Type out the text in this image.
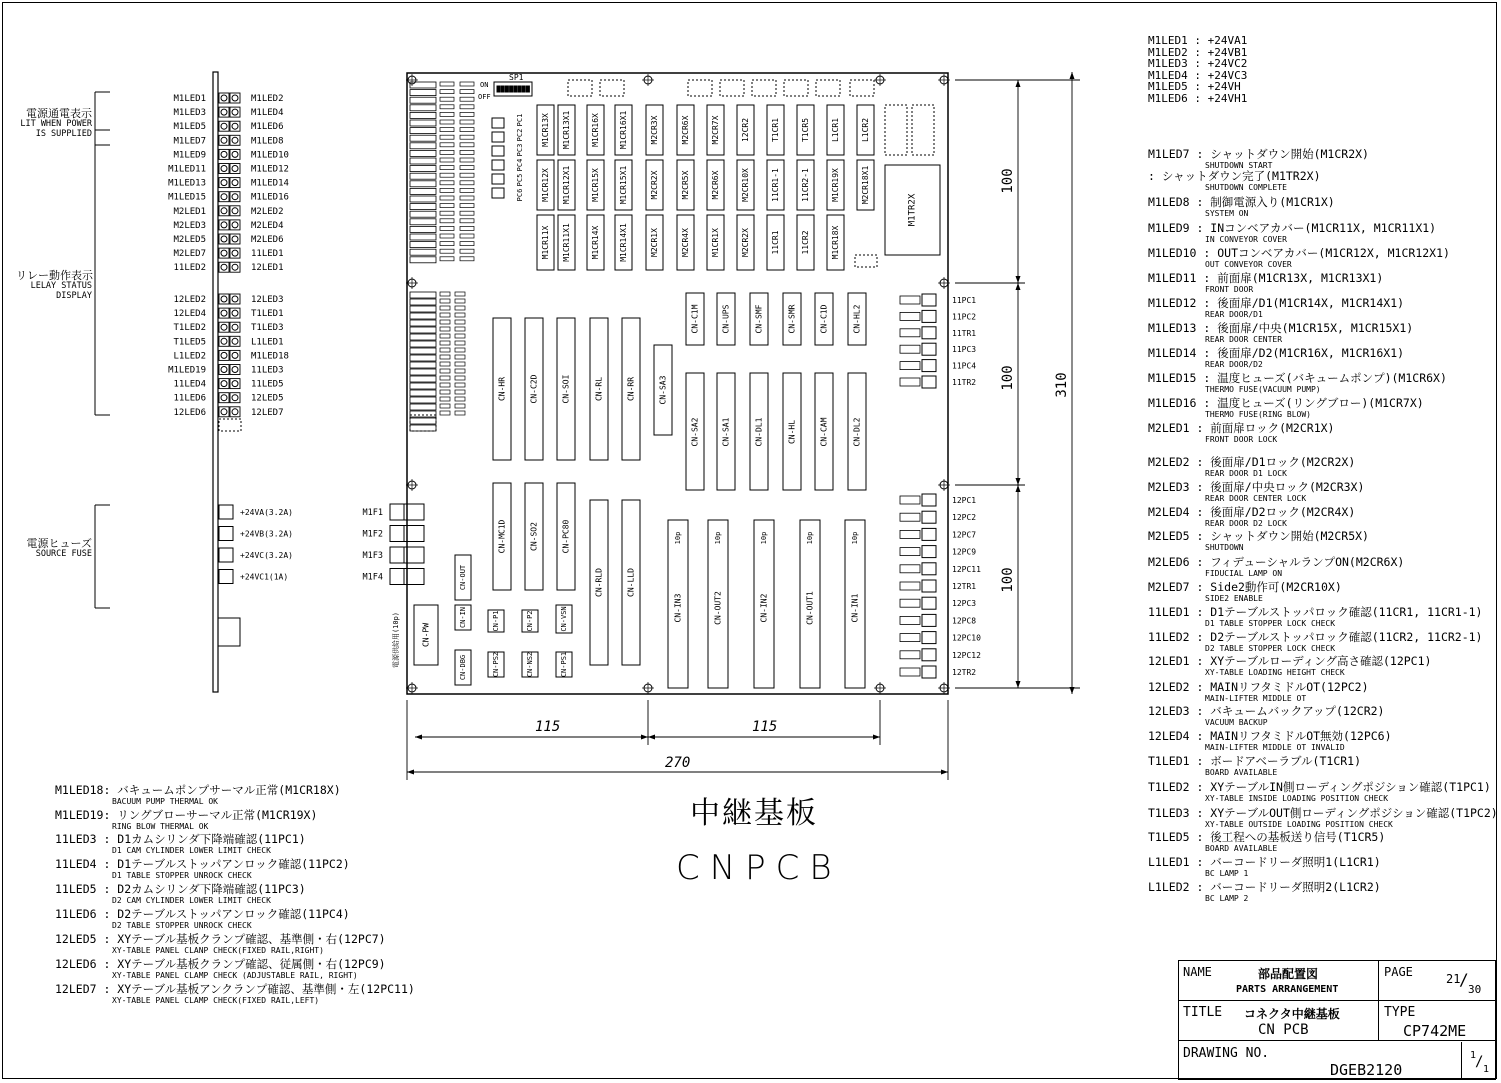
M1LED1	M1LED2
M1LED3	M1LED4
M1LED5	M1LED6
M1LED7	M1LED8
M1LED9	M1LED10
M1LED11	M1LED12
M1LED13	M1LED14
M1LED15	M1LED16
M2LED1	M2LED2
M2LED3	M2LED4
M2LED5	M2LED6
M2LED7	11LED1
11LED2	12LED1
12LED2	12LED3
12LED4	T1LED1
T1LED2	T1LED3
T1LED5	L1LED1
L1LED2	M1LED18
M1LED19	11LED3
11LED4	11LED5
11LED6	12LED5
12LED6	12LED7
+24VA(3.2A)	M1F1
+24VB(3.2A)	M1F2
+24VC(3.2A)	M1F3
+24VC1(1A)	M1F4
SP1
ON
OFF
PC1
PC2
PC3
PC4
PC5
PC6
M1CR13X M1CR13X1	M1CR16X M1CR16X1	M2CR3X	M2CR6X	M2CR7X	12CR2	T1CR1	T1CR5	L1CR1	L1CR2
M1CR12X M1CR12X1	M1CR15X M1CR15X1	M2CR2X	M2CR5X	M2CR6X	M2CR10X	11CR1-1	11CR2-1	M1CR19X	M2CR18X1
M1CR11X M1CR11X1	M1CR14X M1CR14X1	M2CR1X	M2CR4X	M1CR1X	M2CR2X	11CR1	11CR2	M1CR18X
M1TR2X
CN-C1M	CN-UPS	CN-SMF	CN-SMR	CN-C1D	CN-HL2
CN-HR	CN-C2D	CN-SOI	CN-RL	CN-RR	CN-SA3
CN-SA2	CN-SA1	CN-DL1	CN-HL	CN-CAM	CN-DL2
CN-MC1D	CN-SO2	CN-PC80
CN-RLD	CN-LLD
CN-IN3
10p
CN-OUT2
10p
CN-IN2
10p
CN-OUT1
10p
CN-IN1
10p
CN-OUT
CN-IN	CN-P1	CN-P2	CN-VSN
CN-DBG	CN-PS2	CN-NS2	CN-PS1
CN-PW
電源供給用(10p)
11PC1
11PC2
11TR1
11PC3
11PC4
11TR2
12PC1
12PC2
12PC7
12PC9
12PC11
12TR1
12PC3
12PC8
12PC10
12PC12
12TR2
115	115
270
100
100
100
310
電源通電表示
LIT WHEN POWER
IS SUPPLIED
リレー動作表示
LELAY STATUS
DISPLAY
電源ヒューズ
SOURCE FUSE
中継基板
CNPCB
M1LED1 : +24VA1
M1LED2 : +24VB1
M1LED3 : +24VC2
M1LED4 : +24VC3
M1LED5 : +24VH
M1LED6 : +24VH1
M1LED7 : シャットダウン開始(M1CR2X)
SHUTDOWN START
: シャットダウン完了(M1TR2X)
SHUTDOWN COMPLETE
M1LED8 : 制御電源入り(M1CR1X)
SYSTEM ON
M1LED9 : INコンベアカバー(M1CR11X, M1CR11X1)
IN CONVEYOR COVER
M1LED10 : OUTコンベアカバー(M1CR12X, M1CR12X1)
OUT CONVEYOR COVER
M1LED11 : 前面扉(M1CR13X, M1CR13X1)
FRONT DOOR
M1LED12 : 後面扉/D1(M1CR14X, M1CR14X1)
REAR DOOR/D1
M1LED13 : 後面扉/中央(M1CR15X, M1CR15X1)
REAR DOOR CENTER
M1LED14 : 後面扉/D2(M1CR16X, M1CR16X1)
REAR DOOR/D2
M1LED15 : 温度ヒューズ(バキュームポンプ)(M1CR6X)
THERMO FUSE(VACUUM PUMP)
M1LED16 : 温度ヒューズ(リングブロー)(M1CR7X)
THERMO FUSE(RING BLOW)
M2LED1 : 前面扉ロック(M2CR1X)
FRONT DOOR LOCK
M2LED2 : 後面扉/D1ロック(M2CR2X)
REAR DOOR D1 LOCK
M2LED3 : 後面扉/中央ロック(M2CR3X)
REAR DOOR CENTER LOCK
M2LED4 : 後面扉/D2ロック(M2CR4X)
REAR DOOR D2 LOCK
M2LED5 : シャットダウン開始(M2CR5X)
SHUTDOWN
M2LED6 : フィデューシャルランプON(M2CR6X)
FIDUCIAL LAMP ON
M2LED7 : Side2動作可(M2CR10X)
SIDE2 ENABLE
11LED1 : D1テーブルストッパロック確認(11CR1, 11CR1-1)
D1 TABLE STOPPER LOCK CHECK
11LED2 : D2テーブルストッパロック確認(11CR2, 11CR2-1)
D2 TABLE STOPPER LOCK CHECK
12LED1 : XYテーブルローディング高さ確認(12PC1)
XY-TABLE LOADING HEIGHT CHECK
12LED2 : MAINリフタミドルOT(12PC2)
MAIN-LIFTER MIDDLE OT
12LED3 : バキュームバックアップ(12CR2)
VACUUM BACKUP
12LED4 : MAINリフタミドルOT無効(12PC6)
MAIN-LIFTER MIDDLE OT INVALID
T1LED1 : ボードアベーラブル(T1CR1)
BOARD AVAILABLE
T1LED2 : XYテーブルIN側ローディングポジション確認(T1PC1)
XY-TABLE INSIDE LOADING POSITION CHECK
T1LED3 : XYテーブルOUT側ローディングポジション確認(T1PC2)
XY-TABLE OUTSIDE LOADING POSITION CHECK
T1LED5 : 後工程への基板送り信号(T1CR5)
BOARD AVAILABLE
L1LED1 : バーコードリーダ照明1(L1CR1)
BC LAMP 1
L1LED2 : バーコードリーダ照明2(L1CR2)
BC LAMP 2
M1LED18: バキュームポンプサーマル正常(M1CR18X)
BACUUM PUMP THERMAL OK
M1LED19: リングブローサーマル正常(M1CR19X)
RING BLOW THERMAL OK
11LED3 : D1カムシリンダ下降端確認(11PC1)
D1 CAM CYLINDER LOWER LIMIT CHECK
11LED4 : D1テーブルストッパアンロック確認(11PC2)
D1 TABLE STOPPER UNROCK CHECK
11LED5 : D2カムシリンダ下降端確認(11PC3)
D2 CAM CYLINDER LOWER LIMIT CHECK
11LED6 : D2テーブルストッパアンロック確認(11PC4)
D2 TABLE STOPPER UNROCK CHECK
12LED5 : XYテーブル基板クランプ確認、基準側・右(12PC7)
XY-TABLE PANEL CLANP CHECK(FIXED RAIL,RIGHT)
12LED6 : XYテーブル基板クランプ確認、従属側・右(12PC9)
XY-TABLE PANEL CLAMP CHECK (ADJUSTABLE RAIL, RIGHT)
12LED7 : XYテーブル基板アンクランプ確認、基準側・左(12PC11)
XY-TABLE PANEL CLAMP CHECK(FIXED RAIL,LEFT)
NAME	部品配置図
PARTS ARRANGEMENT
PAGE	21
/
30
TITLE コネクタ中継基板
CN PCB
TYPE
CP742ME
DRAWING NO.
DGEB2120
1
/ 1
